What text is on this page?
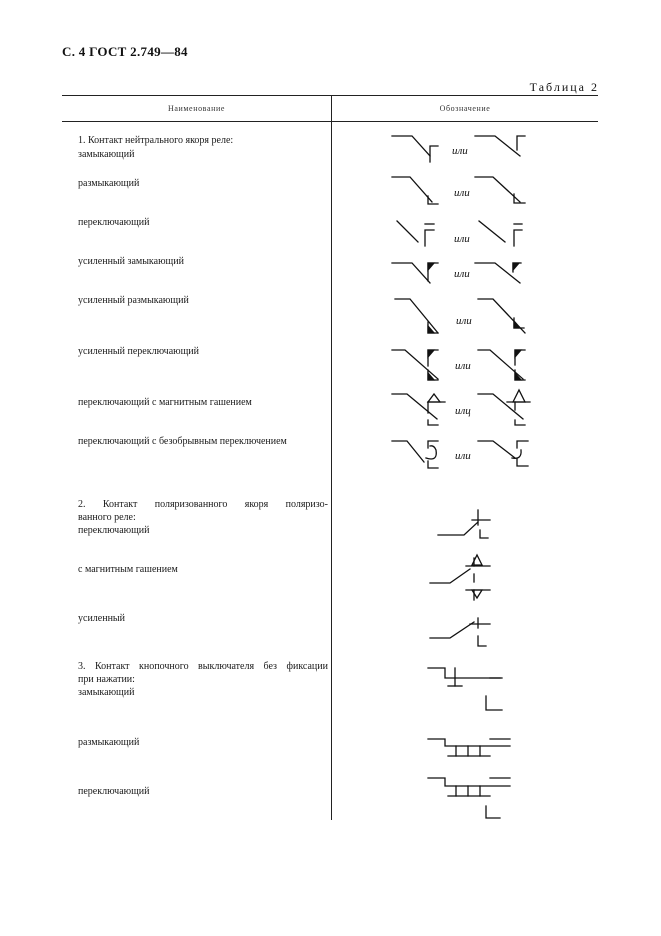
С. 4 ГОСТ 2.749—84
Таблица 2
Наименование	Обозначение
1. Контакт нейтрального якоря реле:
замыкающий
размыкающий
переключающий
усиленный замыкающий
усиленный размыкающий
усиленный переключающий
переключающий с магнитным гашением
переключающий с безобрывным переключением
2. Контакт поляризованного якоря поляризо-
ванного реле:
переключающий
с магнитным гашением
усиленный
3. Контакт кнопочного выключателя без фиксации
при нажатии:
замыкающий
размыкающий
переключающий
или
или
или
или
или
или
илц
или
